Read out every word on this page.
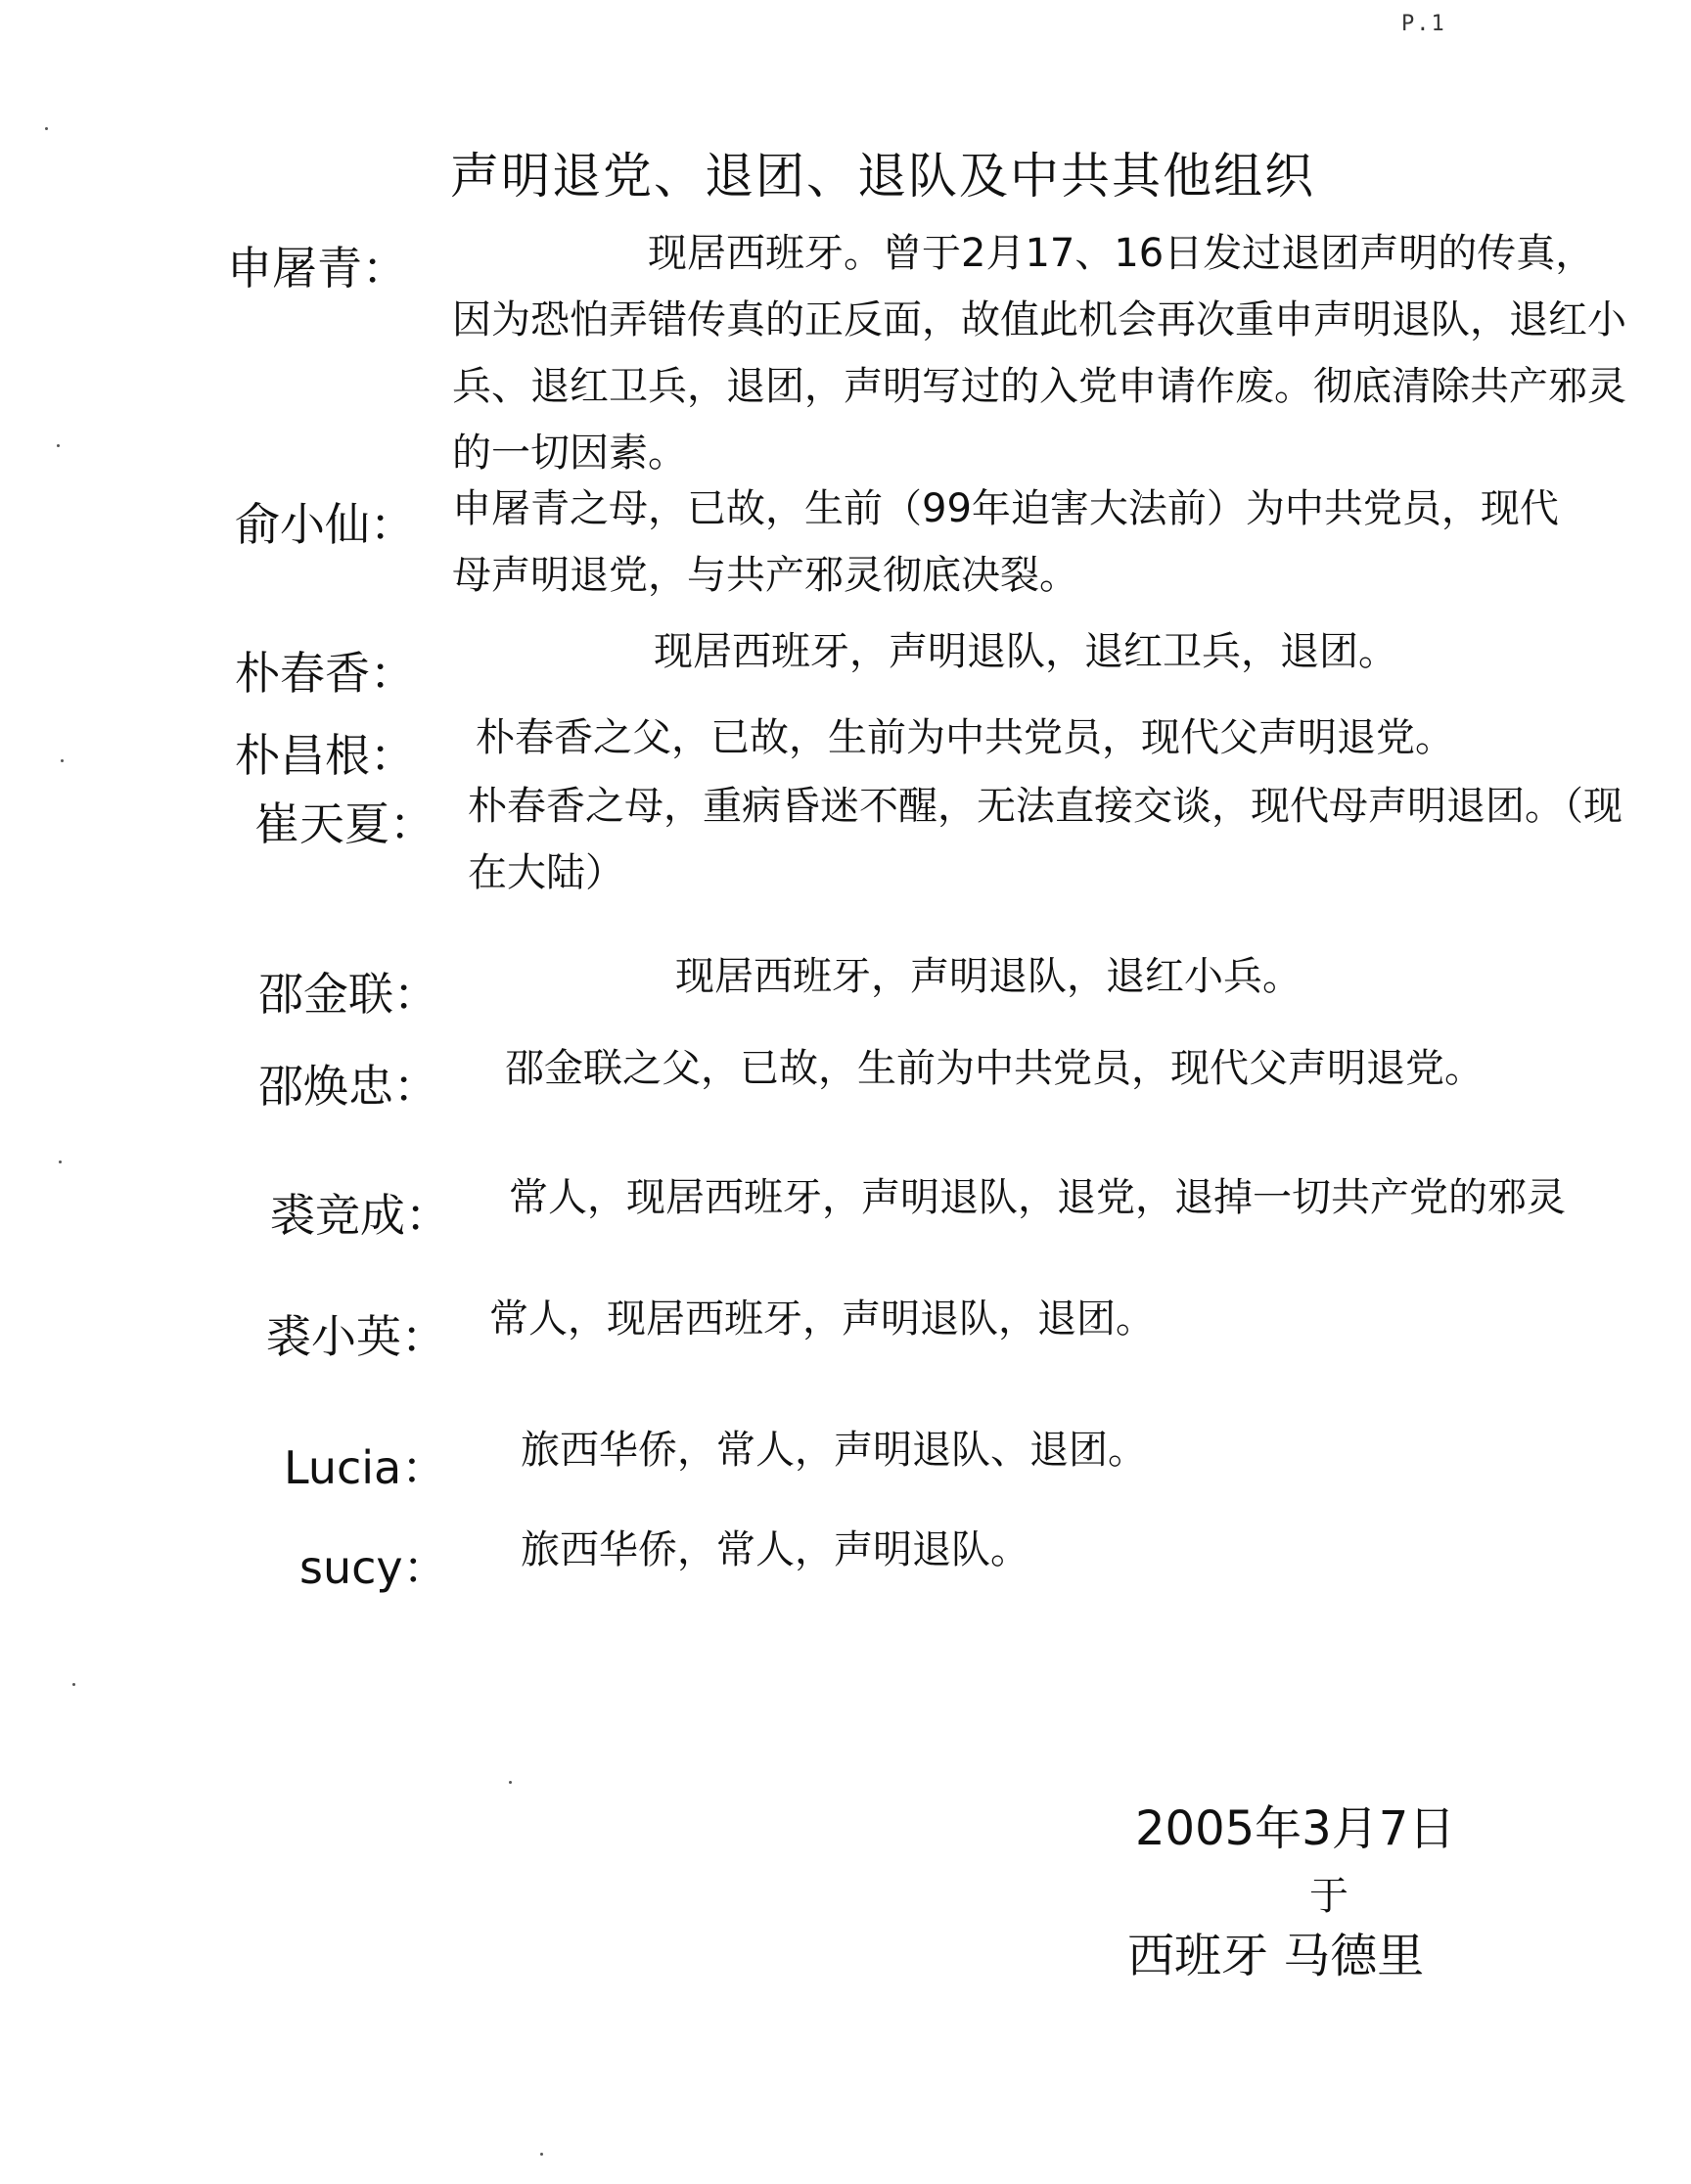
P.1
声明退党、退团、退队及中共其他组织
申屠青：	现居西班牙。曾于2月17、16日发过退团声明的传真，因为恐怕弄错传真的正反面，故值此机会再次重申声明退队，退红小兵、退红卫兵，退团，声明写过的入党申请作废。彻底清除共产邪灵的一切因素。
俞小仙： 申屠青之母，已故，生前（99年迫害大法前）为中共党员，现代母声明退党，与共产邪灵彻底决裂。
朴春香：	现居西班牙，声明退队，退红卫兵，退团。
朴昌根： 朴春香之父，已故，生前为中共党员，现代父声明退党。
崔天夏： 朴春香之母，重病昏迷不醒，无法直接交谈，现代母声明退团。（现在大陆）
邵金联：	现居西班牙，声明退队，退红小兵。
邵焕忠： 邵金联之父，已故，生前为中共党员，现代父声明退党。
裘竞成： 常人，现居西班牙，声明退队，退党，退掉一切共产党的邪灵
裘小英： 常人，现居西班牙，声明退队，退团。
Lucia： 旅西华侨，常人，声明退队、退团。
sucy： 旅西华侨，常人，声明退队。
2005年3月7日
于
西班牙 马德里
